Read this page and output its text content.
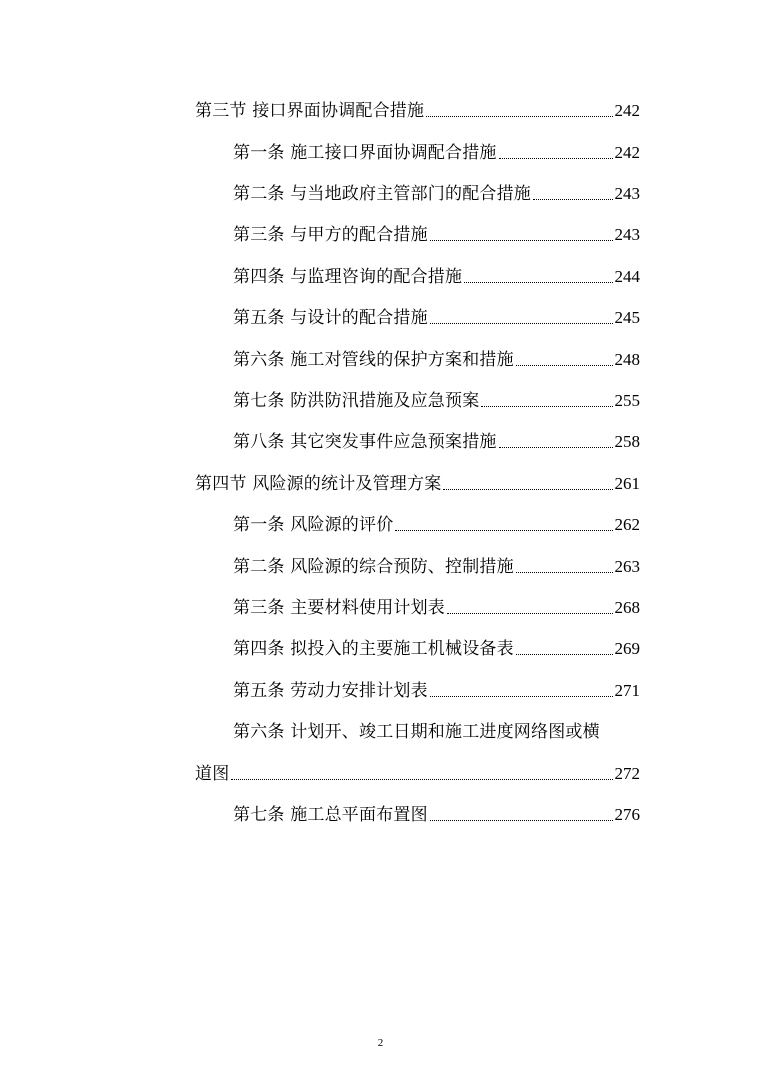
第三节 接口界面协调配合措施	242
第一条 施工接口界面协调配合措施	242
第二条 与当地政府主管部门的配合措施	243
第三条 与甲方的配合措施	243
第四条 与监理咨询的配合措施	244
第五条 与设计的配合措施	245
第六条 施工对管线的保护方案和措施	248
第七条 防洪防汛措施及应急预案	255
第八条 其它突发事件应急预案措施	258
第四节 风险源的统计及管理方案	261
第一条 风险源的评价	262
第二条 风险源的综合预防、控制措施	263
第三条 主要材料使用计划表	268
第四条 拟投入的主要施工机械设备表	269
第五条 劳动力安排计划表	271
第六条 计划开、竣工日期和施工进度网络图或横
道图	272
第七条 施工总平面布置图	276
2
